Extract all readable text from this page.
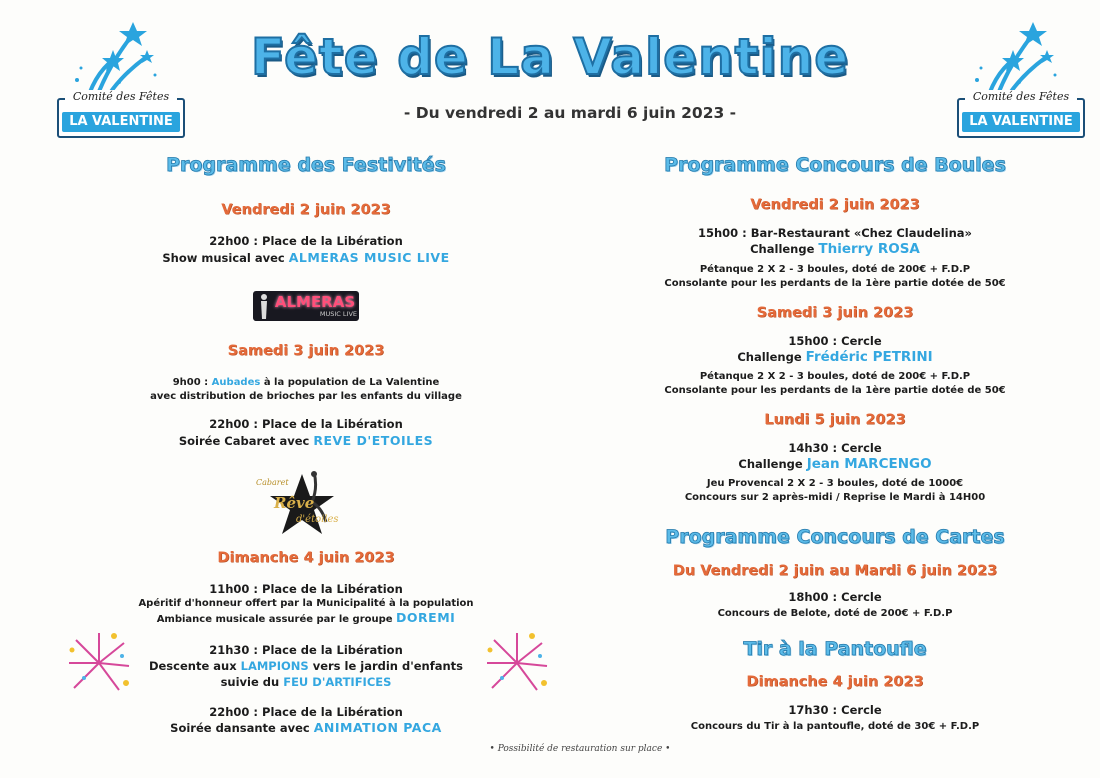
Comité des Fêtes
LA VALENTINE
Comité des Fêtes
LA VALENTINE
Fête de La Valentine
- Du vendredi 2 au mardi 6 juin 2023 -
Programme des Festivités
Vendredi 2 juin 2023
22h00 : Place de la Libération
Show musical avec ALMERAS MUSIC LIVE
ALMERAS
MUSIC LIVE
Samedi 3 juin 2023
9h00 : Aubades à la population de La Valentine
avec distribution de brioches par les enfants du village
22h00 : Place de la Libération
Soirée Cabaret avec REVE D'ETOILES
Cabaret
Rêve
d'étoiles
Dimanche 4 juin 2023
11h00 : Place de la Libération
Apéritif d'honneur offert par la Municipalité à la population
Ambiance musicale assurée par le groupe DOREMI
21h30 : Place de la Libération
Descente aux LAMPIONS vers le jardin d'enfants
suivie du FEU D'ARTIFICES
22h00 : Place de la Libération
Soirée dansante avec ANIMATION PACA
Programme Concours de Boules
Vendredi 2 juin 2023
15h00 : Bar-Restaurant «Chez Claudelina»
Challenge Thierry ROSA
Pétanque 2 X 2 - 3 boules, doté de 200€ + F.D.P
Consolante pour les perdants de la 1ère partie dotée de 50€
Samedi 3 juin 2023
15h00 : Cercle
Challenge Frédéric PETRINI
Pétanque 2 X 2 - 3 boules, doté de 200€ + F.D.P
Consolante pour les perdants de la 1ère partie dotée de 50€
Lundi 5 juin 2023
14h30 : Cercle
Challenge Jean MARCENGO
Jeu Provencal 2 X 2 - 3 boules, doté de 1000€
Concours sur 2 après-midi / Reprise le Mardi à 14H00
Programme Concours de Cartes
Du Vendredi 2 juin au Mardi 6 juin 2023
18h00 : Cercle
Concours de Belote, doté de 200€ + F.D.P
Tir à la Pantoufle
Dimanche 4 juin 2023
17h30 : Cercle
Concours du Tir à la pantoufle, doté de 30€ + F.D.P
• Possibilité de restauration sur place •
